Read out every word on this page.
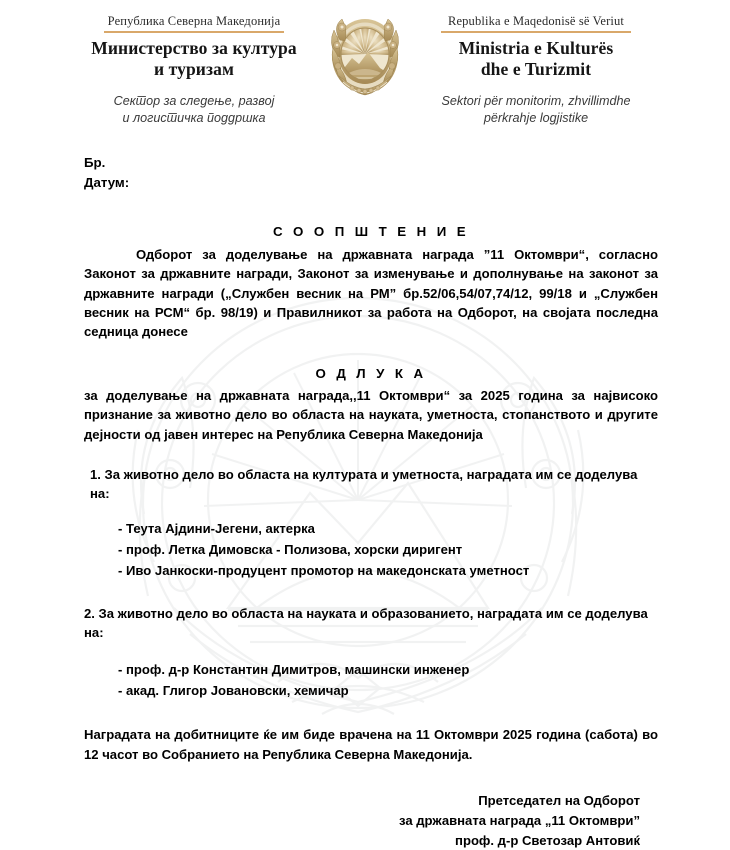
Република Северна Македонија
Министерство за култура
и туризам
Сектор за следење, развој
и логистичка поддршка
Republika e Maqedonisë së Veriut
Ministria e Kulturës
dhe e Turizmit
Sektori për monitorim, zhvillimdhe
përkrahje logjistike
Бр.
Датум:
С О О П Ш Т Е Н И Е

Одборот за доделување на државната награда ”11 Октомври“, согласно Законот за државните награди, Законот за изменување и дополнување на законот за државните награди („Службен весник на РМ” бр.52/06,54/07,74/12, 99/18 и „Службен весник на РСМ“ бр. 98/19) и Правилникот за работа на Одборот, на својата последна седница донесе

О Д Л У К А

за доделување на државната награда,,11 Октомври“ за 2025 година за највисоко признание за животно дело во областа на науката, уметноста, стопанството и другите дејности од јавен интерес на Република Северна Македонија

1. За животно дело во областа на културата и уметноста, наградата им се доделува на:
- Теута Ајдини-Јегени, актерка
- проф. Летка Димовска - Полизова, хорски диригент
- Иво Јанкоски-продуцент промотор на македонската уметност
2. За животно дело во областа на науката и образованието, наградата им се доделува на:
- проф. д-р Константин Димитров, машински инженер
- акад. Глигор Јовановски, хемичар

Наградата на добитниците ќе им биде врачена на 11 Октомври 2025 година (сабота) во 12 часот во Собранието на Република Северна Македонија.

Претседател на Одборот
за државната награда „11 Октомври”
проф. д-р Светозар Антовиќ
